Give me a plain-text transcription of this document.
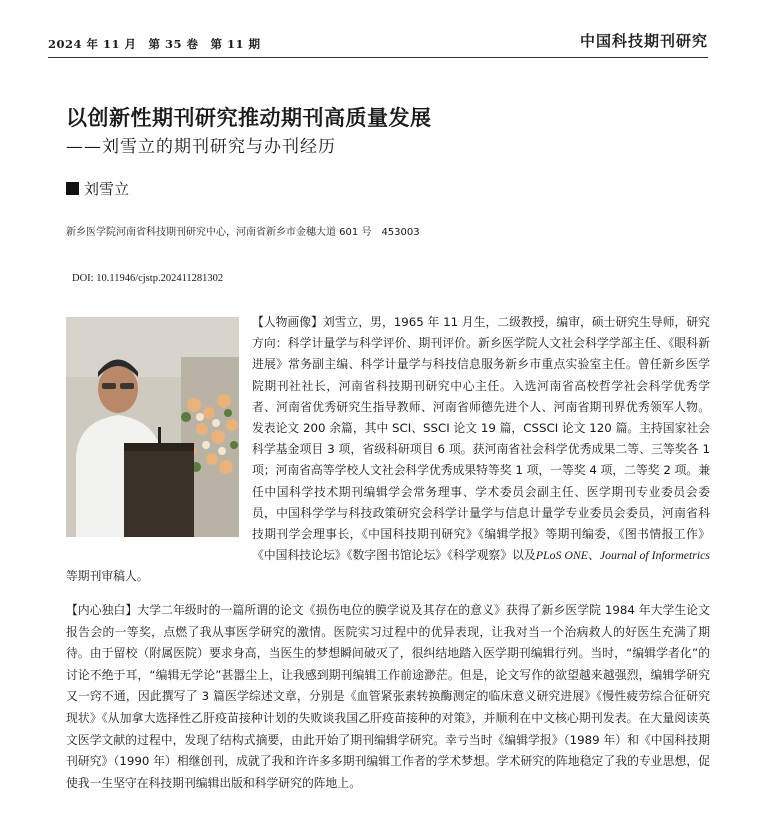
2024 年 11 月　第 35 卷　第 11 期	中国科技期刊研究
以创新性期刊研究推动期刊高质量发展
——刘雪立的期刊研究与办刊经历
刘雪立
新乡医学院河南省科技期刊研究中心，河南省新乡市金穗大道 601 号　453003
DOI: 10.11946/cjstp.202411281302
【人物画像】刘雪立，男，1965 年 11 月生，二级教授，编审，硕士研究生导师，研究方向：科学计量学与科学评价、期刊评价。新乡医学院人文社会科学学部主任、《眼科新进展》常务副主编、科学计量学与科技信息服务新乡市重点实验室主任。曾任新乡医学院期刊社社长，河南省科技期刊研究中心主任。入选河南省高校哲学社会科学优秀学者、河南省优秀研究生指导教师、河南省师德先进个人、河南省期刊界优秀领军人物。发表论文 200 余篇，其中 SCI、SSCI 论文 19 篇，CSSCI 论文 120 篇。主持国家社会科学基金项目 3 项，省级科研项目 6 项。获河南省社会科学优秀成果二等、三等奖各 1 项；河南省高等学校人文社会科学优秀成果特等奖 1 项，一等奖 4 项，二等奖 2 项。兼任中国科学技术期刊编辑学会常务理事、学术委员会副主任、医学期刊专业委员会委员，中国科学学与科技政策研究会科学计量学与信息计量学专业委员会委员，河南省科技期刊学会理事长，《中国科技期刊研究》《编辑学报》等期刊编委，《图书情报工作》《中国科技论坛》《数字图书馆论坛》《科学观察》以及PLoS ONE、Journal of Informetrics等期刊审稿人。
【内心独白】大学二年级时的一篇所谓的论文《损伤电位的膜学说及其存在的意义》获得了新乡医学院 1984 年大学生论文报告会的一等奖，点燃了我从事医学研究的激情。医院实习过程中的优异表现，让我对当一个治病救人的好医生充满了期待。由于留校（附属医院）要求身高，当医生的梦想瞬间破灭了，很纠结地踏入医学期刊编辑行列。当时，“编辑学者化”的讨论不绝于耳，“编辑无学论”甚嚣尘上，让我感到期刊编辑工作前途渺茫。但是，论文写作的欲望越来越强烈，编辑学研究又一窍不通，因此撰写了 3 篇医学综述文章，分别是《血管紧张素转换酶测定的临床意义研究进展》《慢性疲劳综合征研究现状》《从加拿大选择性乙肝疫苗接种计划的失败谈我国乙肝疫苗接种的对策》，并顺利在中文核心期刊发表。在大量阅读英文医学文献的过程中，发现了结构式摘要，由此开始了期刊编辑学研究。幸亏当时《编辑学报》（1989 年）和《中国科技期刊研究》（1990 年）相继创刊，成就了我和许许多多期刊编辑工作者的学术梦想。学术研究的阵地稳定了我的专业思想，促使我一生坚守在科技期刊编辑出版和科学研究的阵地上。
